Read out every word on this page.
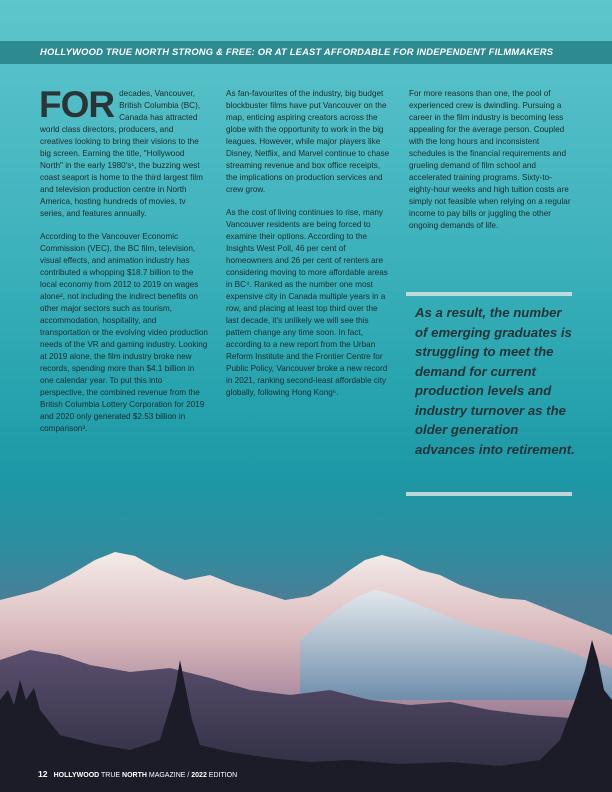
HOLLYWOOD TRUE NORTH STRONG & FREE: OR AT LEAST AFFORDABLE FOR INDEPENDENT FILMMAKERS

FOR decades, Vancouver, British Columbia (BC), Canada has attracted world class directors, producers, and creatives looking to bring their visions to the big screen. Earning the title, "Hollywood North" in the early 1980's¹, the buzzing west coast seaport is home to the third largest film and television production centre in North America, hosting hundreds of movies, tv series, and features annually.

According to the Vancouver Economic Commission (VEC), the BC film, television, visual effects, and animation industry has contributed a whopping $18.7 billion to the local economy from 2012 to 2019 on wages alone², not including the indirect benefits on other major sectors such as tourism, accommodation, hospitality, and transportation or the evolving video production needs of the VR and gaming industry. Looking at 2019 alone, the film industry broke new records, spending more than $4.1 billion in one calendar year. To put this into perspective, the combined revenue from the British Columbia Lottery Corporation for 2019 and 2020 only generated $2.53 billion in comparison³.

As fan-favourites of the industry, big budget blockbuster films have put Vancouver on the map, enticing aspiring creators across the globe with the opportunity to work in the big leagues. However, while major players like Disney, Netflix, and Marvel continue to chase streaming revenue and box office receipts, the implications on production services and crew grow.

As the cost of living continues to rise, many Vancouver residents are being forced to examine their options. According to the Insights West Poll, 46 per cent of homeowners and 26 per cent of renters are considering moving to more affordable areas in BC⁴. Ranked as the number one most expensive city in Canada multiple years in a row, and placing at least top third over the last decade, it's unlikely we will see this pattern change any time soon. In fact, according to a new report from the Urban Reform Institute and the Frontier Centre for Public Policy, Vancouver broke a new record in 2021, ranking second-least affordable city globally, following Hong Kong⁵.

For more reasons than one, the pool of experienced crew is dwindling. Pursuing a career in the film industry is becoming less appealing for the average person. Coupled with the long hours and inconsistent schedules is the financial requirements and grueling demand of film school and accelerated training programs. Sixty-to-eighty-hour weeks and high tuition costs are simply not feasible when relying on a regular income to pay bills or juggling the other ongoing demands of life.

As a result, the number of emerging graduates is struggling to meet the demand for current production levels and industry turnover as the older generation advances into retirement.
12 HOLLYWOOD TRUE NORTH MAGAZINE / 2022 EDITION
